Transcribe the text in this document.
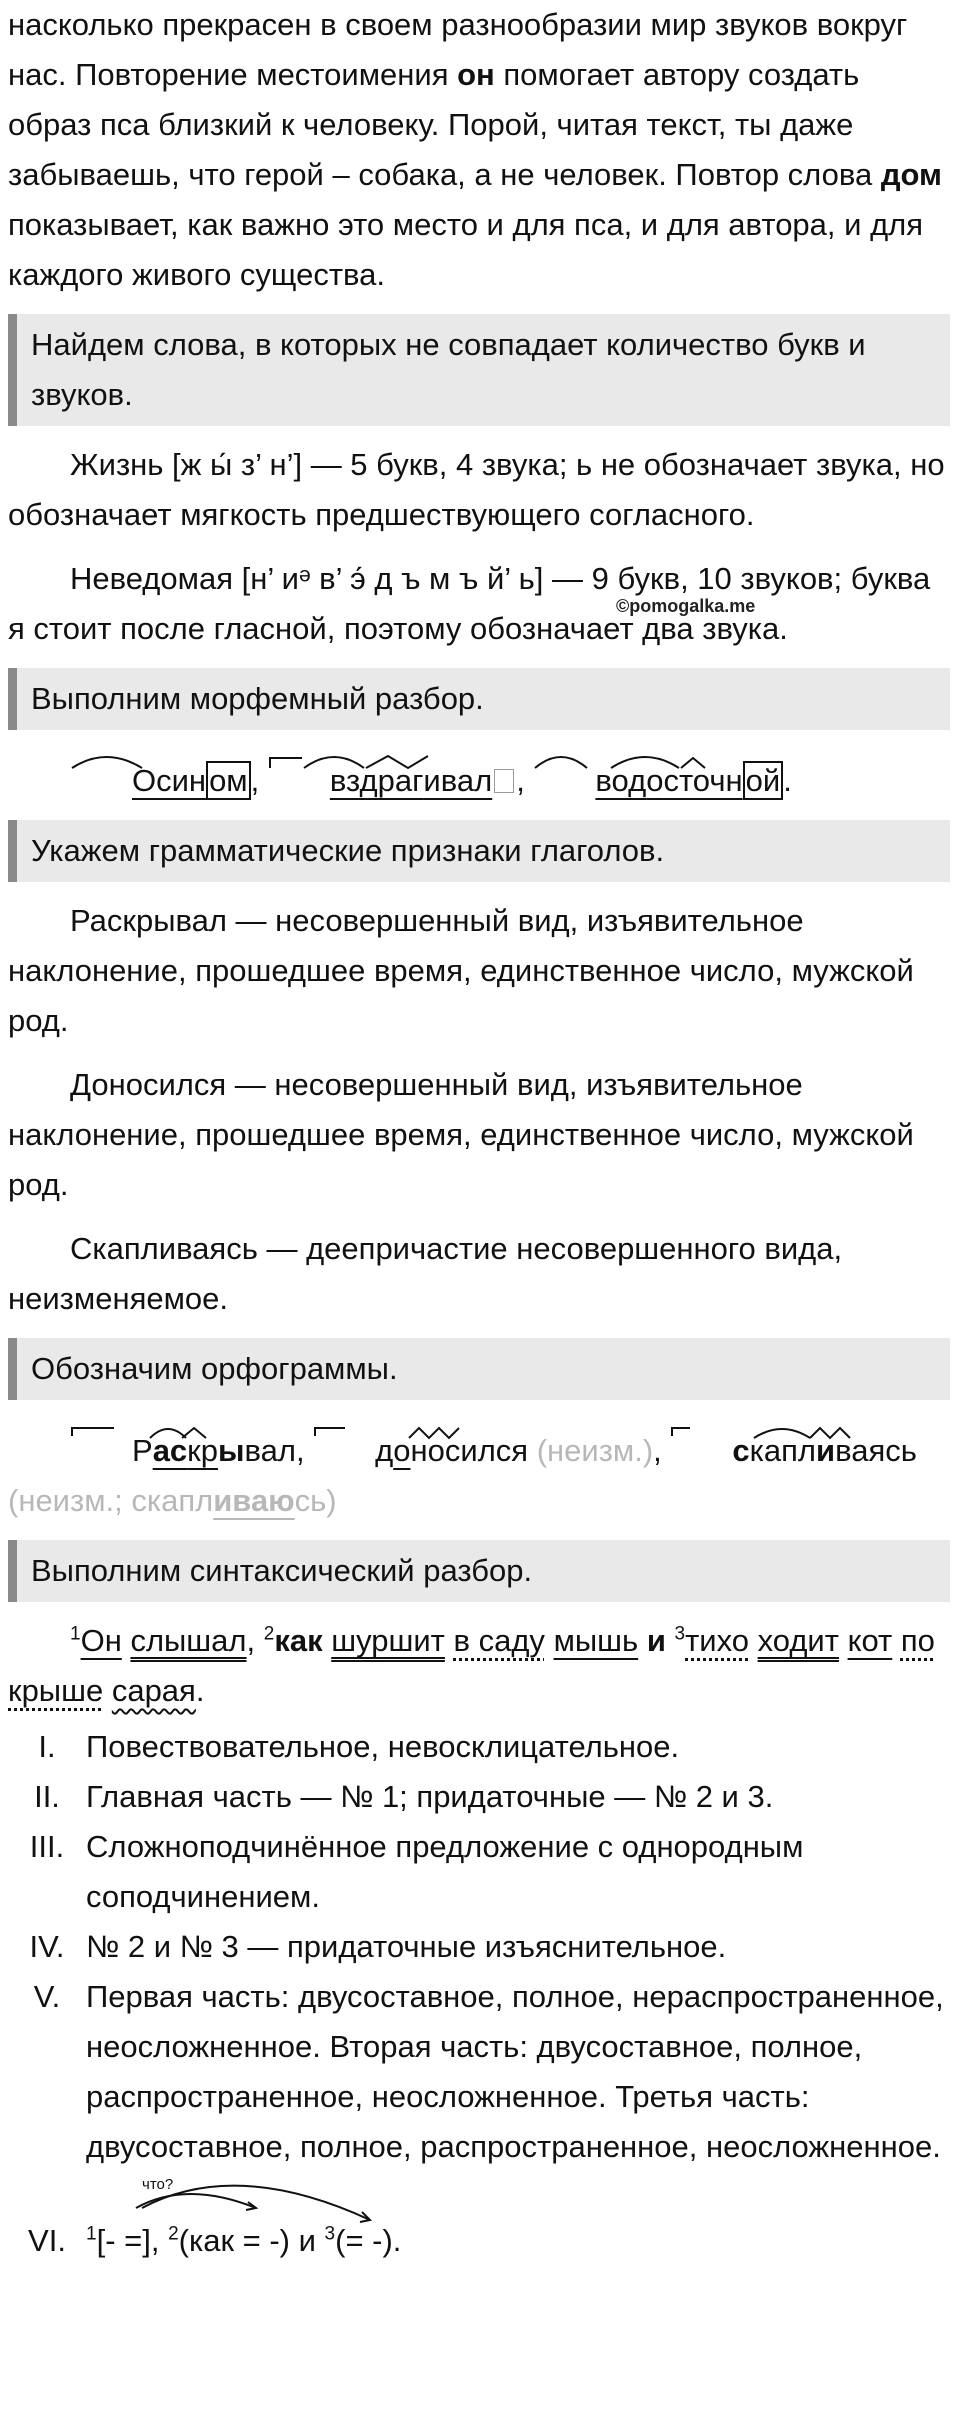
насколько прекрасен в своем разнообразии мир звуков вокруг нас. Повторение местоимения он помогает автору создать образ пса близкий к человеку. Порой, читая текст, ты даже забываешь, что герой – собака, а не человек. Повтор слова дом показывает, как важно это место и для пса, и для автора, и для каждого живого существа.

Найдем слова, в которых не совпадает количество букв и звуков.

Жизнь [ж ы́ з’ н’] — 5 букв, 4 звука; ь не обозначает звука, но обозначает мягкость предшествующего согласного.

©pomogalka.me

Неведомая [н’ иᵊ в’ э́ д ъ м ъ й’ ь] — 9 букв, 10 звуков; буква я стоит после гласной, поэтому обозначает два звука.

Выполним морфемный разбор.

Осином,
вздрагивал ,
водосточной.

Укажем грамматические признаки глаголов.

Раскрывал — несовершенный вид, изъявительное наклонение, прошедшее время, единственное число, мужской род.

Доносился — несовершенный вид, изъявительное наклонение, прошедшее время, единственное число, мужской род.

Скапливаясь — деепричастие несовершенного вида, неизменяемое.

Обозначим орфограммы.

Раскрывал,
доносился (неизм.),
скапливаясь (неизм.; скапливаюсь)

Выполним синтаксический разбор.

$^1$Он слышал, $^2$как шуршит в саду мышь и $^3$тихо ходит кот по крыше сарая.

I. Повествовательное, невосклицательное.
II. Главная часть — № 1; придаточные — № 2 и 3.
III. Сложноподчинённое предложение с однородным соподчинением.
IV. № 2 и № 3 — придаточные изъяснительное.
V. Первая часть: двусоставное, полное, нераспространенное, неосложненное. Вторая часть: двусоставное, полное, распространенное, неосложненное. Третья часть: двусоставное, полное, распространенное, неосложненное.
VI.
что?
$^1$[- =], $^2$(как = -) и $^3$(= -).
